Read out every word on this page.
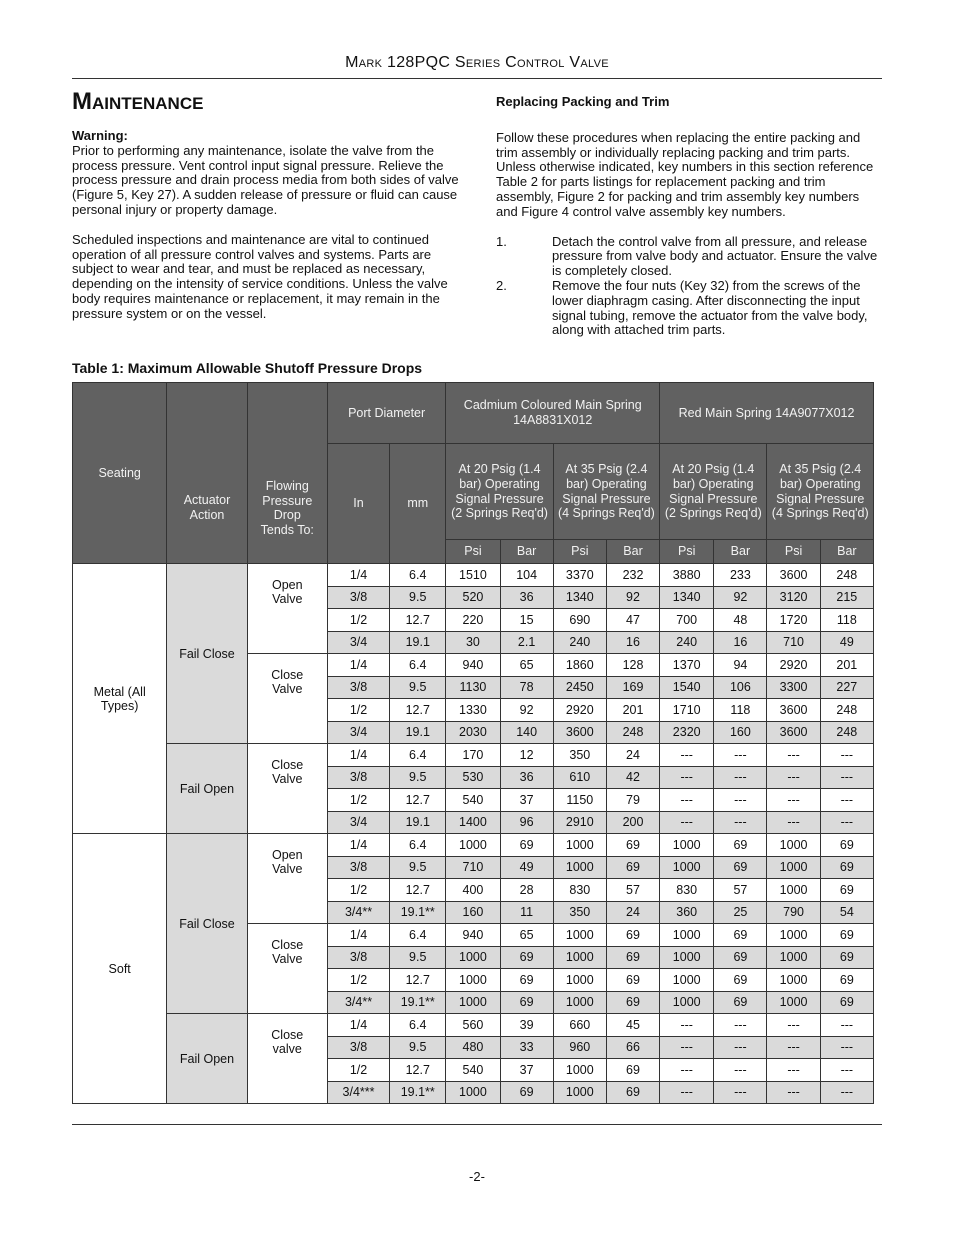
Mark 128PQC Series Control Valve
Maintenance

Warning:
Prior to performing any maintenance, isolate the valve from the process pressure. Vent control input signal pressure. Relieve the process pressure and drain process media from both sides of valve (Figure 5, Key 27). A sudden release of pressure or fluid can cause personal injury or property damage.

Scheduled inspections and maintenance are vital to continued operation of all pressure control valves and systems. Parts are subject to wear and tear, and must be replaced as necessary, depending on the intensity of service conditions. Unless the valve body requires maintenance or replacement, it may remain in the pressure system or on the vessel.

Replacing Packing and Trim

Follow these procedures when replacing the entire packing and trim assembly or individually replacing packing and trim parts. Unless otherwise indicated, key numbers in this section reference Table 2 for parts listings for replacement packing and trim assembly, Figure 2 for packing and trim assembly key numbers and Figure 4 control valve assembly key numbers.

1.	Detach the control valve from all pressure, and release pressure from valve body and actuator. Ensure the valve is completely closed.
2.	Remove the four nuts (Key 32) from the screws of the lower diaphragm casing. After disconnecting the input signal tubing, remove the actuator from the valve body, along with attached trim parts.
Table 1: Maximum Allowable Shutoff Pressure Drops
Seating	Actuator Action	Flowing Pressure Drop Tends To:	Port Diameter		Cadmium Coloured Main Spring 14A8831X012				Red Main Spring 14A9077X012			
			In	mm	At 20 Psig (1.4 bar) Operating Signal Pressure (2 Springs Req'd)		At 35 Psig (2.4 bar) Operating Signal Pressure (4 Springs Req'd)		At 20 Psig (1.4 bar) Operating Signal Pressure (2 Springs Req'd)		At 35 Psig (2.4 bar) Operating Signal Pressure (4 Springs Req'd)	
					Psi	Bar	Psi	Bar	Psi	Bar	Psi	Bar
Metal (All Types)	Fail Close	Open Valve	1/4	6.4	1510	104	3370	232	3880	233	3600	248
			3/8	9.5	520	36	1340	92	1340	92	3120	215
			1/2	12.7	220	15	690	47	700	48	1720	118
			3/4	19.1	30	2.1	240	16	240	16	710	49
		Close Valve	1/4	6.4	940	65	1860	128	1370	94	2920	201
			3/8	9.5	1130	78	2450	169	1540	106	3300	227
			1/2	12.7	1330	92	2920	201	1710	118	3600	248
			3/4	19.1	2030	140	3600	248	2320	160	3600	248
	Fail Open	Close Valve	1/4	6.4	170	12	350	24	---	---	---	---
			3/8	9.5	530	36	610	42	---	---	---	---
			1/2	12.7	540	37	1150	79	---	---	---	---
			3/4	19.1	1400	96	2910	200	---	---	---	---
Soft	Fail Close	Open Valve	1/4	6.4	1000	69	1000	69	1000	69	1000	69
			3/8	9.5	710	49	1000	69	1000	69	1000	69
			1/2	12.7	400	28	830	57	830	57	1000	69
			3/4**	19.1**	160	11	350	24	360	25	790	54
		Close Valve	1/4	6.4	940	65	1000	69	1000	69	1000	69
			3/8	9.5	1000	69	1000	69	1000	69	1000	69
			1/2	12.7	1000	69	1000	69	1000	69	1000	69
			3/4**	19.1**	1000	69	1000	69	1000	69	1000	69
	Fail Open	Close valve	1/4	6.4	560	39	660	45	---	---	---	---
			3/8	9.5	480	33	960	66	---	---	---	---
			1/2	12.7	540	37	1000	69	---	---	---	---
			3/4***	19.1**	1000	69	1000	69	---	---	---	---
-2-
